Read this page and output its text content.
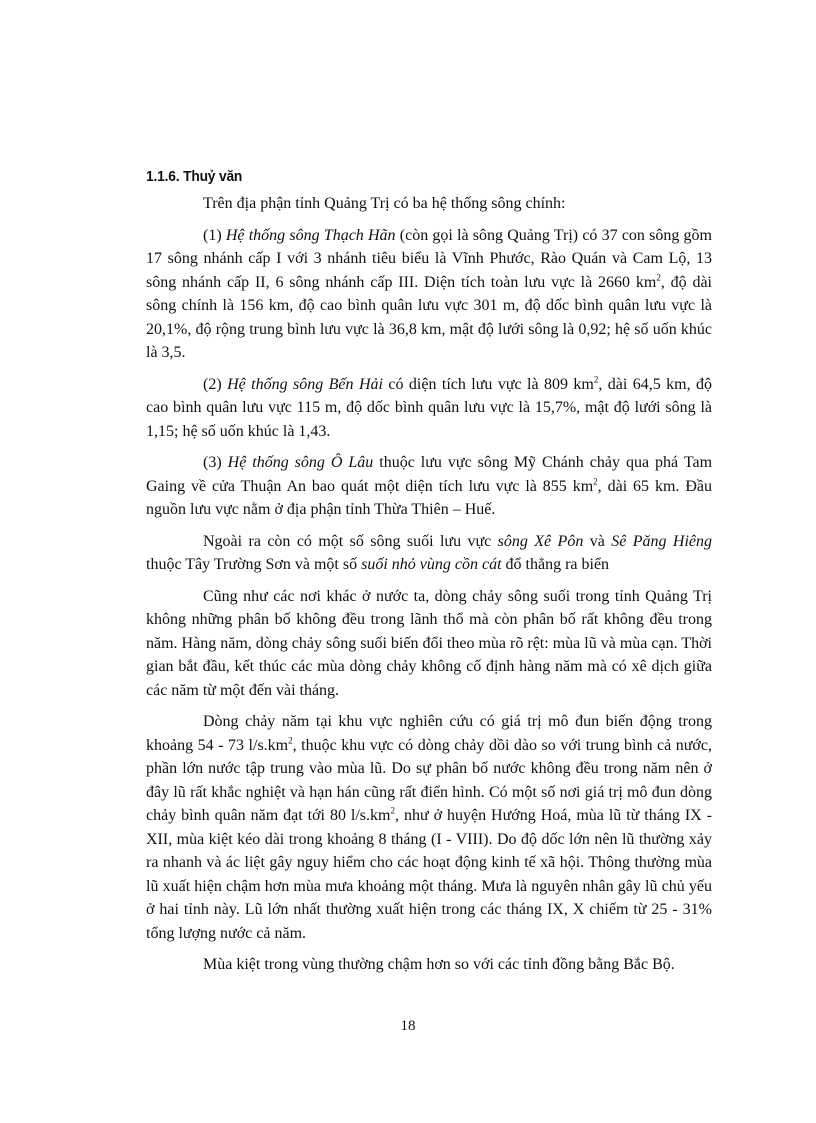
1.1.6. Thuỷ văn

Trên địa phận tỉnh Quảng Trị có ba hệ thống sông chính:

(1) Hệ thống sông Thạch Hãn (còn gọi là sông Quảng Trị) có 37 con sông gồm 17 sông nhánh cấp I với 3 nhánh tiêu biểu là Vĩnh Phước, Rào Quán và Cam Lộ, 13 sông nhánh cấp II, 6 sông nhánh cấp III. Diện tích toàn lưu vực là 2660 $km^2$, độ dài sông chính là 156 km, độ cao bình quân lưu vực 301 m, độ dốc bình quân lưu vực là 20,1%, độ rộng trung bình lưu vực là 36,8 km, mật độ lưới sông là 0,92; hệ số uốn khúc là 3,5.

(2) Hệ thống sông Bến Hải có diện tích lưu vực là 809 $km^2$, dài 64,5 km, độ cao bình quân lưu vực 115 m, độ dốc bình quân lưu vực là 15,7%, mật độ lưới sông là 1,15; hệ số uốn khúc là 1,43.

(3) Hệ thống sông Ô Lâu thuộc lưu vực sông Mỹ Chánh chảy qua phá Tam Gaing về cửa Thuận An bao quát một diện tích lưu vực là 855 $km^2$, dài 65 km. Đầu nguồn lưu vực nằm ở địa phận tỉnh Thừa Thiên – Huế.

Ngoài ra còn có một số sông suối lưu vực sông Xê Pôn và Sê Păng Hiêng thuộc Tây Trường Sơn và một số suối nhỏ vùng cồn cát đổ thẳng ra biển

Cũng như các nơi khác ở nước ta, dòng chảy sông suối trong tỉnh Quảng Trị không những phân bố không đều trong lãnh thổ mà còn phân bố rất không đều trong năm. Hàng năm, dòng chảy sông suối biến đổi theo mùa rõ rệt: mùa lũ và mùa cạn. Thời gian bắt đầu, kết thúc các mùa dòng chảy không cố định hàng năm mà có xê dịch giữa các năm từ một đến vài tháng.

Dòng chảy năm tại khu vực nghiên cứu có giá trị mô đun biến động trong khoảng 54 - 73 $l/s.km^2$, thuộc khu vực có dòng chảy dồi dào so với trung bình cả nước, phần lớn nước tập trung vào mùa lũ. Do sự phân bố nước không đều trong năm nên ở đây lũ rất khắc nghiệt và hạn hán cũng rất điển hình. Có một số nơi giá trị mô đun dòng chảy bình quân năm đạt tới 80 $l/s.km^2$, như ở huyện Hướng Hoá, mùa lũ từ tháng IX - XII, mùa kiệt kéo dài trong khoảng 8 tháng (I - VIII). Do độ dốc lớn nên lũ thường xảy ra nhanh và ác liệt gây nguy hiểm cho các hoạt động kinh tế xã hội. Thông thường mùa lũ xuất hiện chậm hơn mùa mưa khoảng một tháng. Mưa là nguyên nhân gây lũ chủ yếu ở hai tỉnh này. Lũ lớn nhất thường xuất hiện trong các tháng IX, X chiếm từ 25 - 31% tổng lượng nước cả năm.

Mùa kiệt trong vùng thường chậm hơn so với các tỉnh đồng bằng Bắc Bộ.

18
